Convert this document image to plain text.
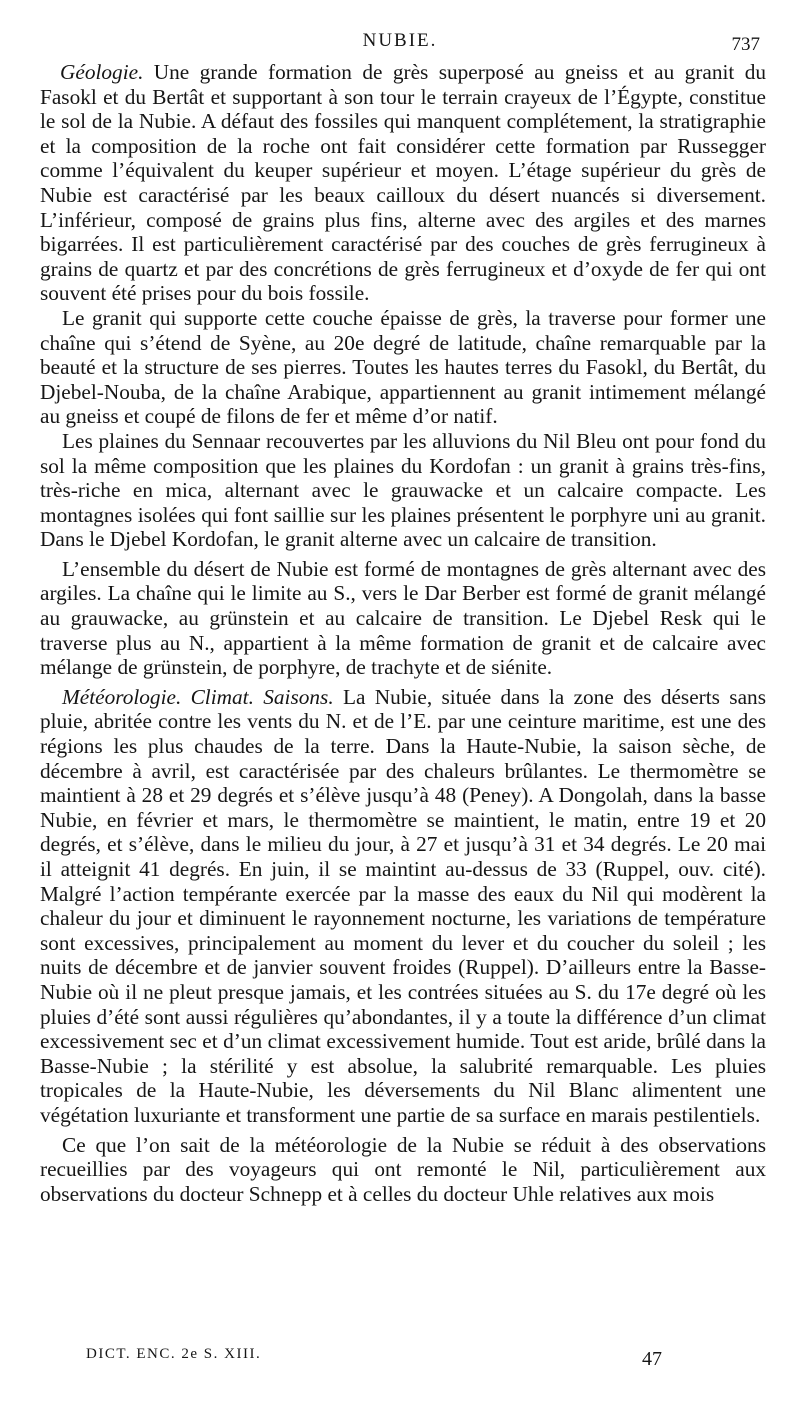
NUBIE.	737

Géologie. Une grande formation de grès superposé au gneiss et au granit du Fasokl et du Bertât et supportant à son tour le terrain crayeux de l’Égypte, constitue le sol de la Nubie. A défaut des fossiles qui manquent complétement, la stratigraphie et la composition de la roche ont fait considérer cette formation par Russegger comme l’équivalent du keuper supérieur et moyen. L’étage supérieur du grès de Nubie est caractérisé par les beaux cailloux du désert nuancés si diversement. L’inférieur, composé de grains plus fins, alterne avec des argiles et des marnes bigarrées. Il est particulièrement caractérisé par des couches de grès ferrugineux à grains de quartz et par des concrétions de grès ferrugineux et d’oxyde de fer qui ont souvent été prises pour du bois fossile.

Le granit qui supporte cette couche épaisse de grès, la traverse pour former une chaîne qui s’étend de Syène, au 20e degré de latitude, chaîne remarquable par la beauté et la structure de ses pierres. Toutes les hautes terres du Fasokl, du Bertât, du Djebel-Nouba, de la chaîne Arabique, appartiennent au granit intimement mélangé au gneiss et coupé de filons de fer et même d’or natif.

Les plaines du Sennaar recouvertes par les alluvions du Nil Bleu ont pour fond du sol la même composition que les plaines du Kordofan : un granit à grains très-fins, très-riche en mica, alternant avec le grauwacke et un calcaire compacte. Les montagnes isolées qui font saillie sur les plaines présentent le porphyre uni au granit. Dans le Djebel Kordofan, le granit alterne avec un calcaire de transition.

L’ensemble du désert de Nubie est formé de montagnes de grès alternant avec des argiles. La chaîne qui le limite au S., vers le Dar Berber est formé de granit mélangé au grauwacke, au grünstein et au calcaire de transition. Le Djebel Resk qui le traverse plus au N., appartient à la même formation de granit et de calcaire avec mélange de grünstein, de porphyre, de trachyte et de siénite.

Météorologie. Climat. Saisons. La Nubie, située dans la zone des déserts sans pluie, abritée contre les vents du N. et de l’E. par une ceinture maritime, est une des régions les plus chaudes de la terre. Dans la Haute-Nubie, la saison sèche, de décembre à avril, est caractérisée par des chaleurs brûlantes. Le thermomètre se maintient à 28 et 29 degrés et s’élève jusqu’à 48 (Peney). A Dongolah, dans la basse Nubie, en février et mars, le thermomètre se maintient, le matin, entre 19 et 20 degrés, et s’élève, dans le milieu du jour, à 27 et jusqu’à 31 et 34 degrés. Le 20 mai il atteignit 41 degrés. En juin, il se maintint au-dessus de 33 (Ruppel, ouv. cité). Malgré l’action tempérante exercée par la masse des eaux du Nil qui modèrent la chaleur du jour et diminuent le rayonnement nocturne, les variations de température sont excessives, principalement au moment du lever et du coucher du soleil ; les nuits de décembre et de janvier souvent froides (Ruppel). D’ailleurs entre la Basse-Nubie où il ne pleut presque jamais, et les contrées situées au S. du 17e degré où les pluies d’été sont aussi régulières qu’abondantes, il y a toute la différence d’un climat excessivement sec et d’un climat excessivement humide. Tout est aride, brûlé dans la Basse-Nubie ; la stérilité y est absolue, la salubrité remarquable. Les pluies tropicales de la Haute-Nubie, les déversements du Nil Blanc alimentent une végétation luxuriante et transforment une partie de sa surface en marais pestilentiels.

Ce que l’on sait de la météorologie de la Nubie se réduit à des observations recueillies par des voyageurs qui ont remonté le Nil, particulièrement aux observations du docteur Schnepp et à celles du docteur Uhle relatives aux mois

DICT. ENC. 2e S. XIII.	47
